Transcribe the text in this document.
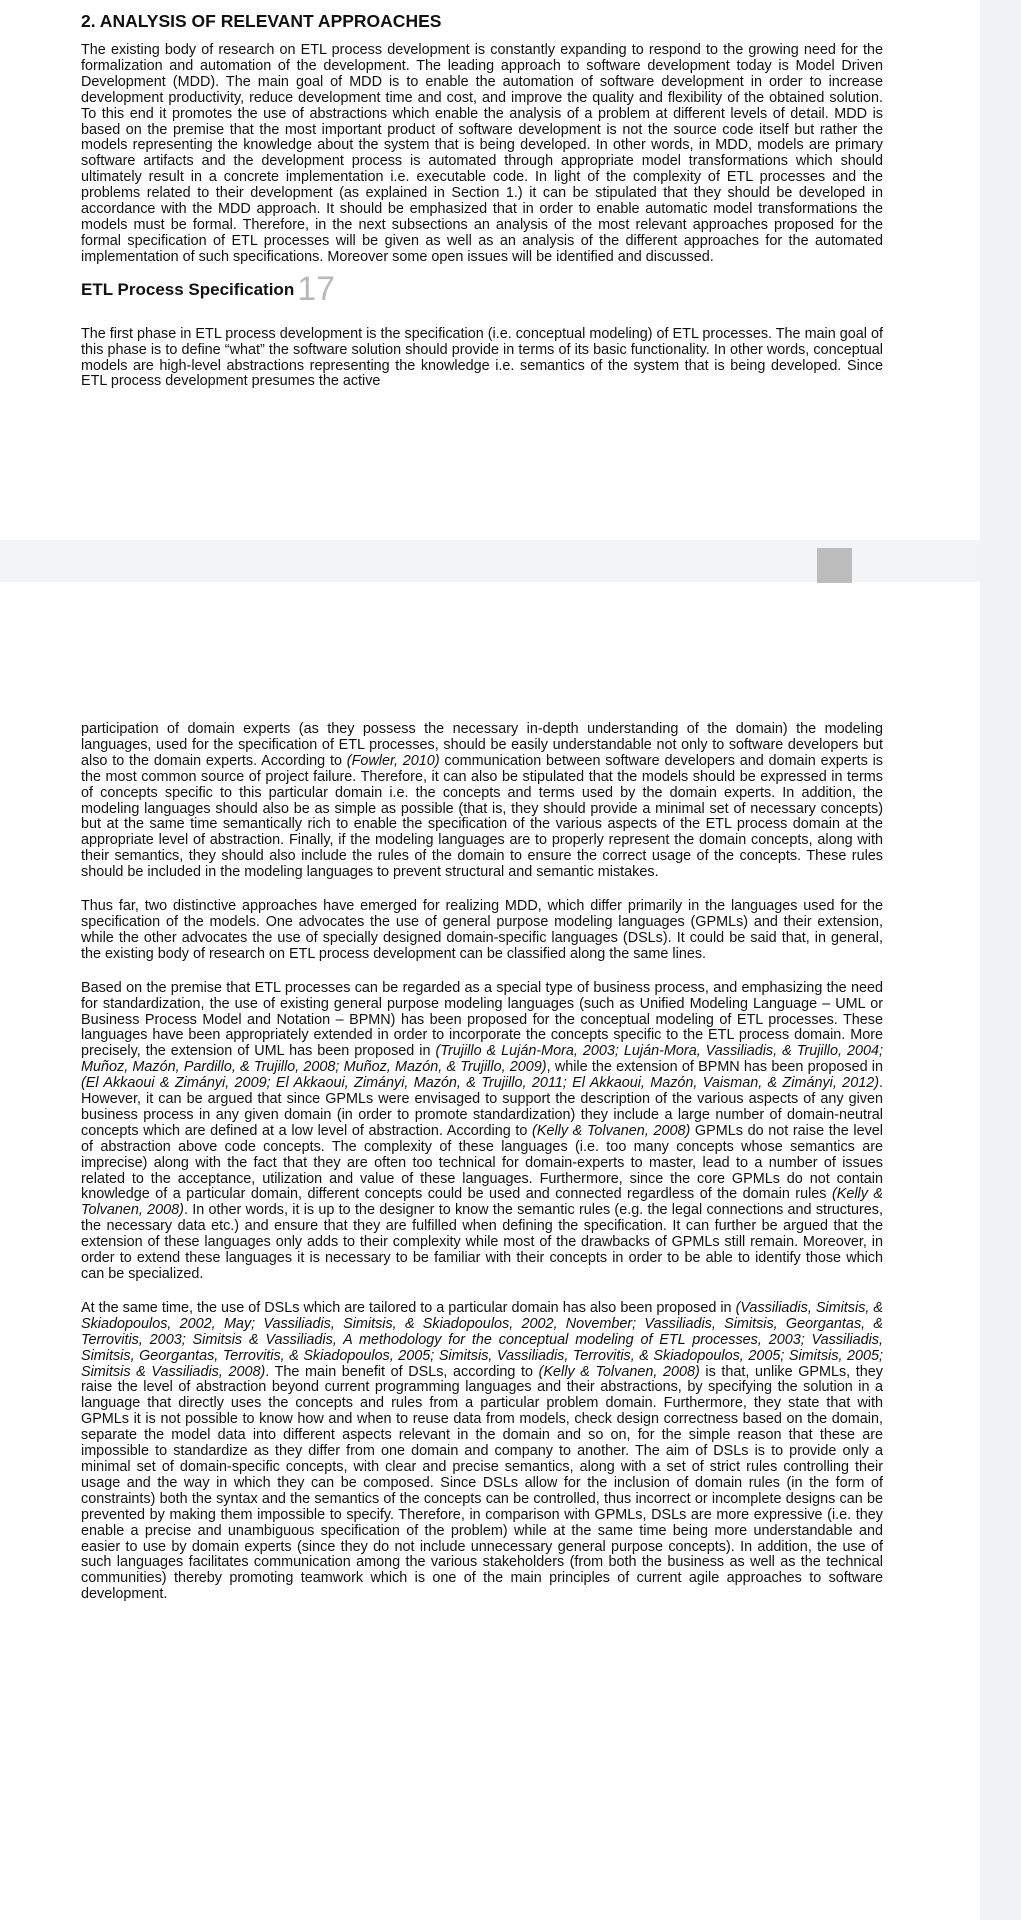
2. ANALYSIS OF RELEVANT APPROACHES

The existing body of research on ETL process development is constantly expanding to respond to the growing need for the formalization and automation of the development. The leading approach to software development today is Model Driven Development (MDD). The main goal of MDD is to enable the automation of software development in order to increase development productivity, reduce development time and cost, and improve the quality and flexibility of the obtained solution. To this end it promotes the use of abstractions which enable the analysis of a problem at different levels of detail. MDD is based on the premise that the most important product of software development is not the source code itself but rather the models representing the knowledge about the system that is being developed. In other words, in MDD, models are primary software artifacts and the development process is automated through appropriate model transformations which should ultimately result in a concrete implementation i.e. executable code. In light of the complexity of ETL processes and the problems related to their development (as explained in Section 1.) it can be stipulated that they should be developed in accordance with the MDD approach. It should be emphasized that in order to enable automatic model transformations the models must be formal. Therefore, in the next subsections an analysis of the most relevant approaches proposed for the formal specification of ETL processes will be given as well as an analysis of the different approaches for the automated implementation of such specifications. Moreover some open issues will be identified and discussed.

ETL Process Specification 17

The first phase in ETL process development is the specification (i.e. conceptual modeling) of ETL processes. The main goal of this phase is to define “what” the software solution should provide in terms of its basic functionality. In other words, conceptual models are high-level abstractions representing the knowledge i.e. semantics of the system that is being developed. Since ETL process development presumes the active

participation of domain experts (as they possess the necessary in-depth understanding of the domain) the modeling languages, used for the specification of ETL processes, should be easily understandable not only to software developers but also to the domain experts. According to (Fowler, 2010) communication between software developers and domain experts is the most common source of project failure. Therefore, it can also be stipulated that the models should be expressed in terms of concepts specific to this particular domain i.e. the concepts and terms used by the domain experts. In addition, the modeling languages should also be as simple as possible (that is, they should provide a minimal set of necessary concepts) but at the same time semantically rich to enable the specification of the various aspects of the ETL process domain at the appropriate level of abstraction. Finally, if the modeling languages are to properly represent the domain concepts, along with their semantics, they should also include the rules of the domain to ensure the correct usage of the concepts. These rules should be included in the modeling languages to prevent structural and semantic mistakes.

Thus far, two distinctive approaches have emerged for realizing MDD, which differ primarily in the languages used for the specification of the models. One advocates the use of general purpose modeling languages (GPMLs) and their extension, while the other advocates the use of specially designed domain-specific languages (DSLs). It could be said that, in general, the existing body of research on ETL process development can be classified along the same lines.

Based on the premise that ETL processes can be regarded as a special type of business process, and emphasizing the need for standardization, the use of existing general purpose modeling languages (such as Unified Modeling Language – UML or Business Process Model and Notation – BPMN) has been proposed for the conceptual modeling of ETL processes. These languages have been appropriately extended in order to incorporate the concepts specific to the ETL process domain. More precisely, the extension of UML has been proposed in (Trujillo & Luján-Mora, 2003; Luján-Mora, Vassiliadis, & Trujillo, 2004; Muñoz, Mazón, Pardillo, & Trujillo, 2008; Muñoz, Mazón, & Trujillo, 2009), while the extension of BPMN has been proposed in (El Akkaoui & Zimányi, 2009; El Akkaoui, Zimányi, Mazón, & Trujillo, 2011; El Akkaoui, Mazón, Vaisman, & Zimányi, 2012). However, it can be argued that since GPMLs were envisaged to support the description of the various aspects of any given business process in any given domain (in order to promote standardization) they include a large number of domain-neutral concepts which are defined at a low level of abstraction. According to (Kelly & Tolvanen, 2008) GPMLs do not raise the level of abstraction above code concepts. The complexity of these languages (i.e. too many concepts whose semantics are imprecise) along with the fact that they are often too technical for domain-experts to master, lead to a number of issues related to the acceptance, utilization and value of these languages. Furthermore, since the core GPMLs do not contain knowledge of a particular domain, different concepts could be used and connected regardless of the domain rules (Kelly & Tolvanen, 2008). In other words, it is up to the designer to know the semantic rules (e.g. the legal connections and structures, the necessary data etc.) and ensure that they are fulfilled when defining the specification. It can further be argued that the extension of these languages only adds to their complexity while most of the drawbacks of GPMLs still remain. Moreover, in order to extend these languages it is necessary to be familiar with their concepts in order to be able to identify those which can be specialized.

At the same time, the use of DSLs which are tailored to a particular domain has also been proposed in (Vassiliadis, Simitsis, & Skiadopoulos, 2002, May; Vassiliadis, Simitsis, & Skiadopoulos, 2002, November; Vassiliadis, Simitsis, Georgantas, & Terrovitis, 2003; Simitsis & Vassiliadis, A methodology for the conceptual modeling of ETL processes, 2003; Vassiliadis, Simitsis, Georgantas, Terrovitis, & Skiadopoulos, 2005; Simitsis, Vassiliadis, Terrovitis, & Skiadopoulos, 2005; Simitsis, 2005; Simitsis & Vassiliadis, 2008). The main benefit of DSLs, according to (Kelly & Tolvanen, 2008) is that, unlike GPMLs, they raise the level of abstraction beyond current programming languages and their abstractions, by specifying the solution in a language that directly uses the concepts and rules from a particular problem domain. Furthermore, they state that with GPMLs it is not possible to know how and when to reuse data from models, check design correctness based on the domain, separate the model data into different aspects relevant in the domain and so on, for the simple reason that these are impossible to standardize as they differ from one domain and company to another. The aim of DSLs is to provide only a minimal set of domain-specific concepts, with clear and precise semantics, along with a set of strict rules controlling their usage and the way in which they can be composed. Since DSLs allow for the inclusion of domain rules (in the form of constraints) both the syntax and the semantics of the concepts can be controlled, thus incorrect or incomplete designs can be prevented by making them impossible to specify. Therefore, in comparison with GPMLs, DSLs are more expressive (i.e. they enable a precise and unambiguous specification of the problem) while at the same time being more understandable and easier to use by domain experts (since they do not include unnecessary general purpose concepts). In addition, the use of such languages facilitates communication among the various stakeholders (from both the business as well as the technical communities) thereby promoting teamwork which is one of the main principles of current agile approaches to software development.
